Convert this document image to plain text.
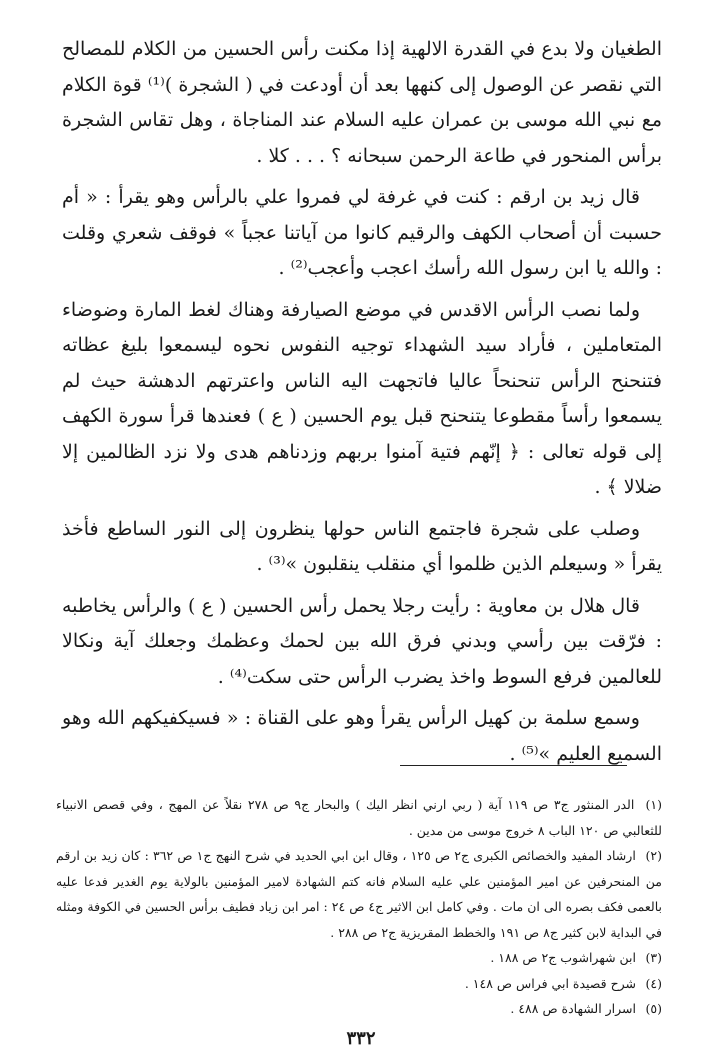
الطغيان ولا بدع في القدرة الالهية إذا مكنت رأس الحسين من الكلام للمصالح التي نقصر عن الوصول إلى كنهها بعد أن أودعت في ( الشجرة )⁽¹⁾ قوة الكلام مع نبي الله موسى بن عمران عليه السلام عند المناجاة ، وهل تقاس الشجرة برأس المنحور في طاعة الرحمن سبحانه ؟ . . . كلا .

قال زيد بن ارقم : كنت في غرفة لي فمروا علي بالرأس وهو يقرأ : « أم حسبت أن أصحاب الكهف والرقيم كانوا من آياتنا عجباً » فوقف شعري وقلت : والله يا ابن رسول الله رأسك اعجب وأعجب⁽²⁾ .

ولما نصب الرأس الاقدس في موضع الصيارفة وهناك لغط المارة وضوضاء المتعاملين ، فأراد سيد الشهداء توجيه النفوس نحوه ليسمعوا بليغ عظاته فتنحنح الرأس تنحنحاً عاليا فاتجهت اليه الناس واعترتهم الدهشة حيث لم يسمعوا رأساً مقطوعا يتنحنح قبل يوم الحسين ( ع ) فعندها قرأ سورة الكهف إلى قوله تعالى : ﴿ إنّهم فتية آمنوا بربهم وزدناهم هدى ولا نزد الظالمين إلا ضلالا ﴾ .

وصلب على شجرة فاجتمع الناس حولها ينظرون إلى النور الساطع فأخذ يقرأ « وسيعلم الذين ظلموا أي منقلب ينقلبون »⁽³⁾ .

قال هلال بن معاوية : رأيت رجلا يحمل رأس الحسين ( ع ) والرأس يخاطبه : فرّقت بين رأسي وبدني فرق الله بين لحمك وعظمك وجعلك آية ونكالا للعالمين فرفع السوط واخذ يضرب الرأس حتى سكت⁽⁴⁾ .

وسمع سلمة بن كهيل الرأس يقرأ وهو على القناة : « فسيكفيكهم الله وهو السميع العليم »⁽⁵⁾ .

(١) الدر المنثور ج٣ ص ١١٩ آية ( ربي ارني انظر اليك ) والبحار ج٩ ص ٢٧٨ نقلاً عن المهج ، وفي قصص الانبياء للثعالبي ص ١٢٠ الباب ٨ خروج موسى من مدين .

(٢) ارشاد المفيد والخصائص الكبرى ج٢ ص ١٢٥ ، وقال ابن ابي الحديد في شرح النهج ج١ ص ٣٦٢ : كان زيد بن ارقم من المنحرفين عن امير المؤمنين علي عليه السلام فانه كتم الشهادة لامير المؤمنين بالولاية يوم الغدير فدعا عليه بالعمى فكف بصره الى ان مات . وفي كامل ابن الاثير ج٤ ص ٢٤ : امر ابن زياد فطيف برأس الحسين في الكوفة ومثله في البداية لابن كثير ج٨ ص ١٩١ والخطط المقريزية ج٢ ص ٢٨٨ .

(٣) ابن شهراشوب ج٢ ص ١٨٨ .

(٤) شرح قصيدة ابي فراس ص ١٤٨ .

(٥) اسرار الشهادة ص ٤٨٨ .

٣٣٢
